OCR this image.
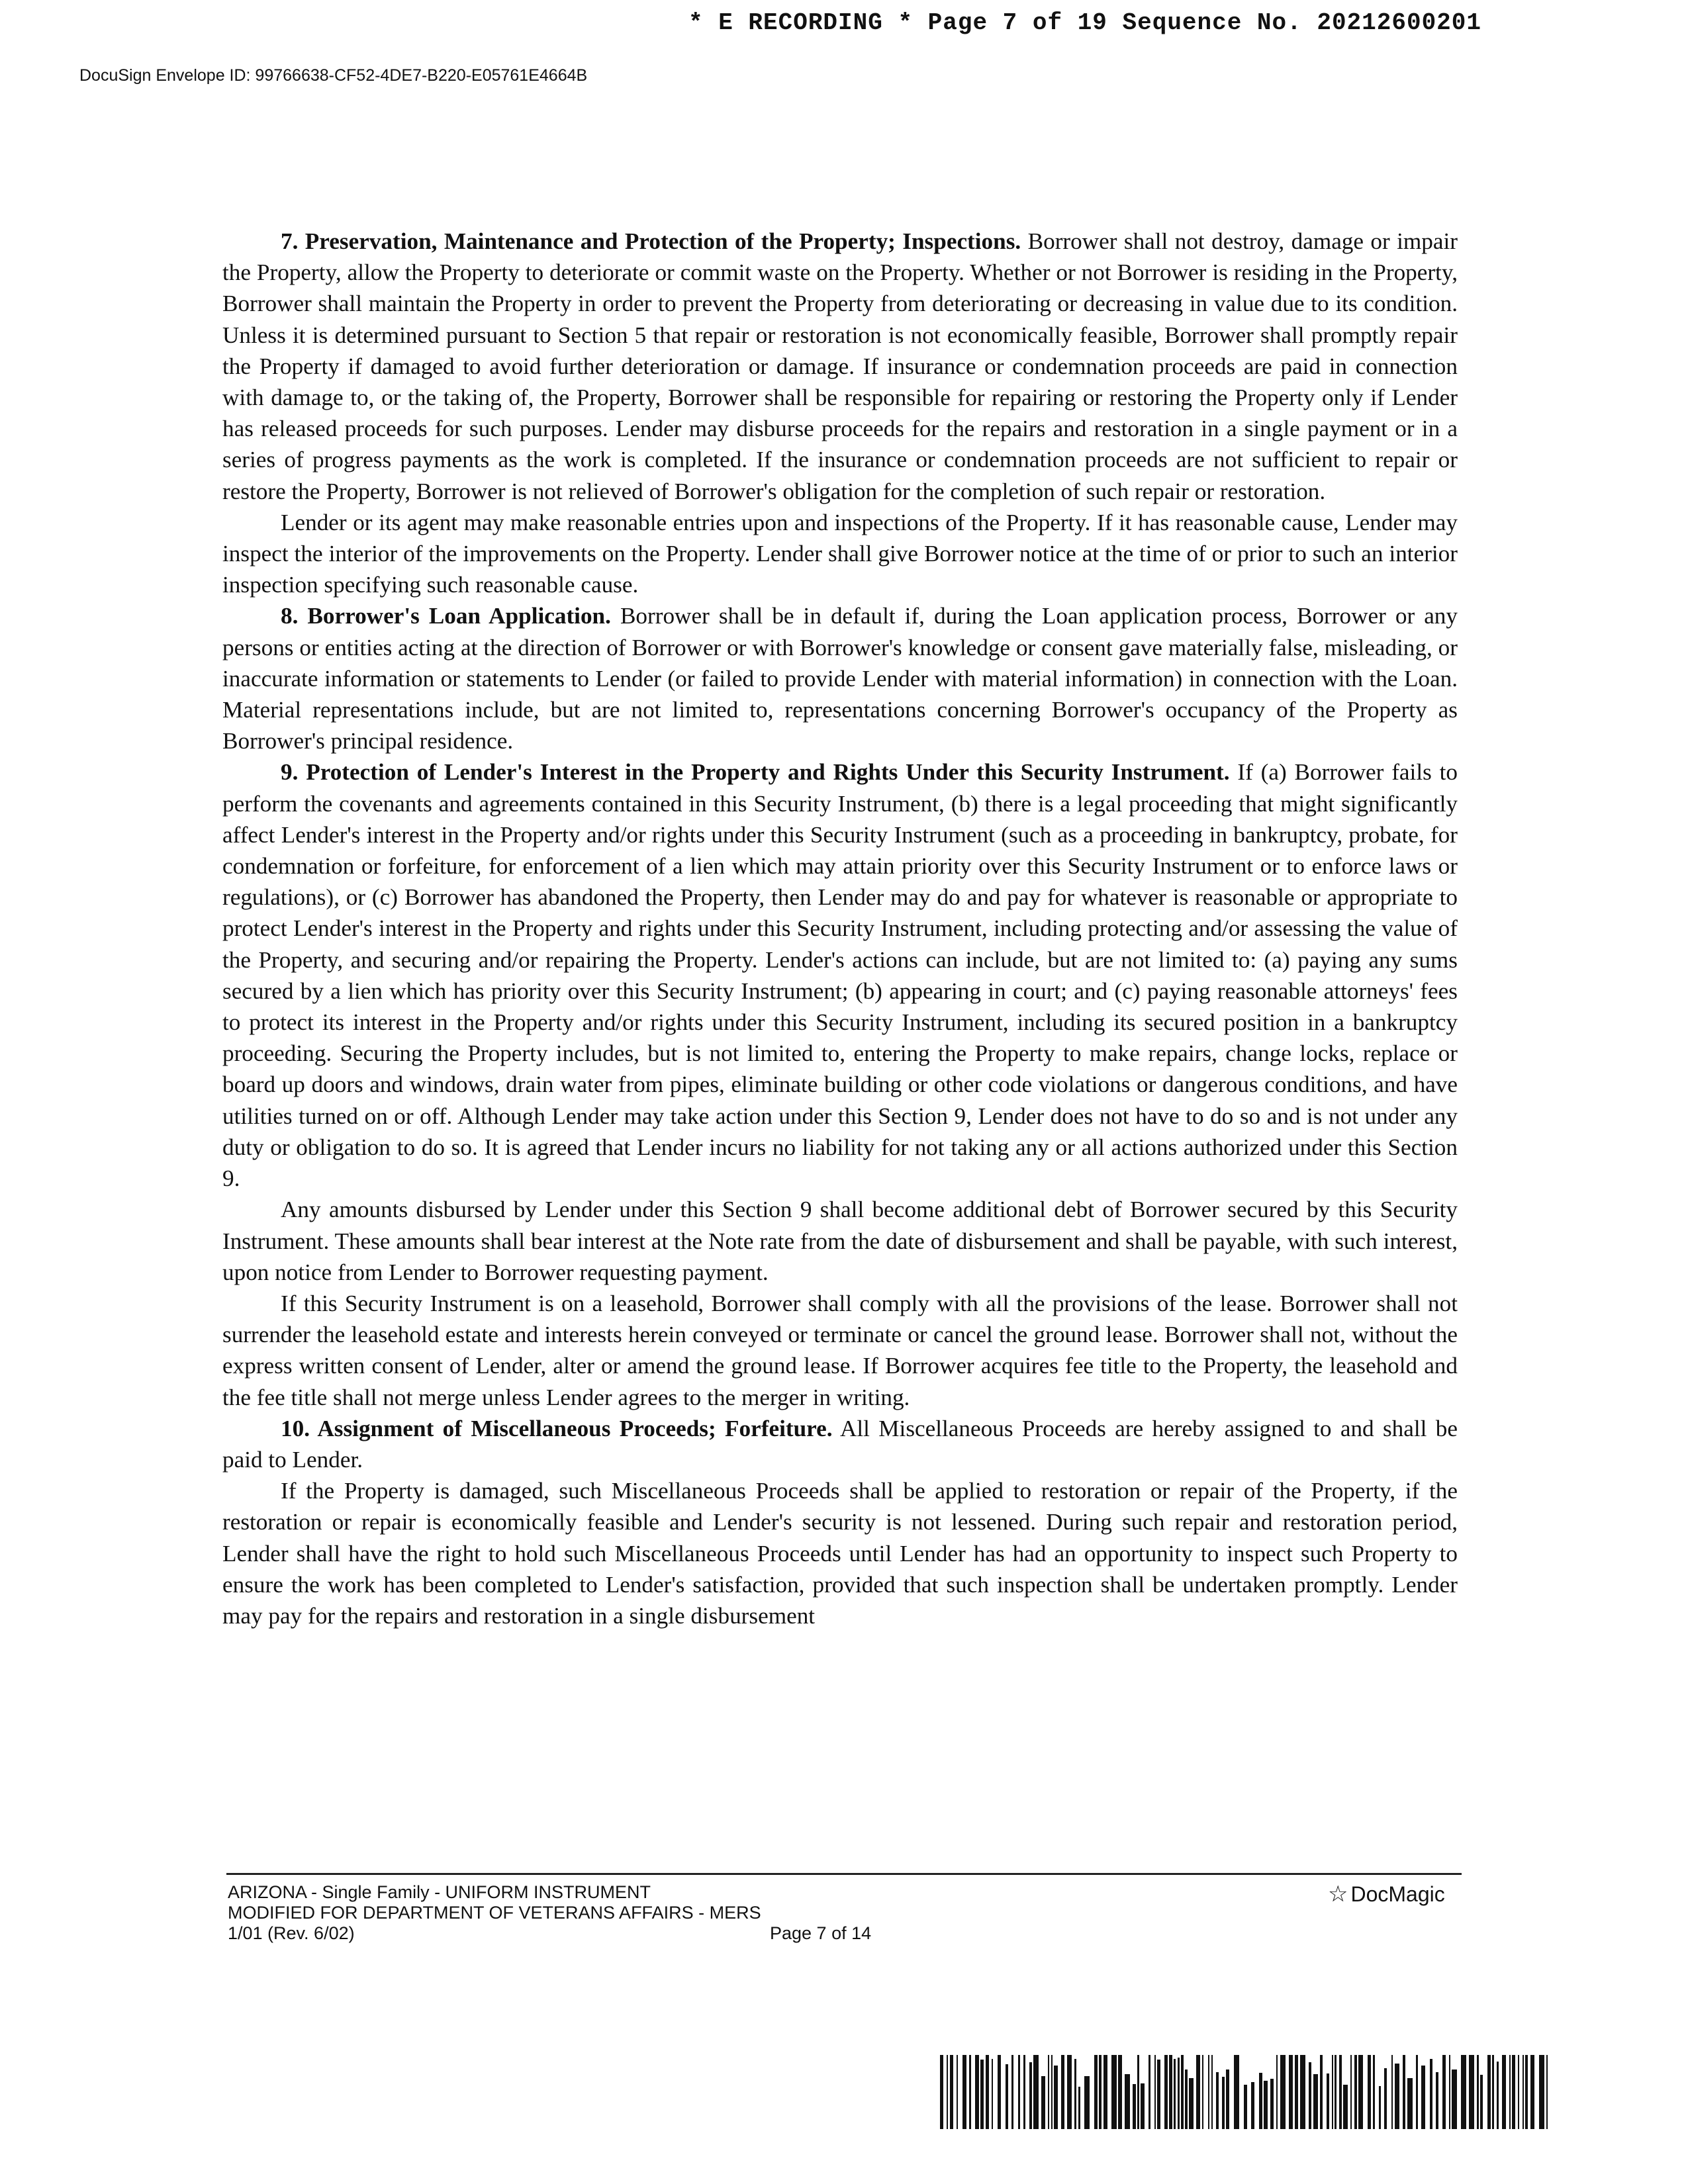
* E RECORDING * Page 7 of 19 Sequence No. 20212600201
DocuSign Envelope ID: 99766638-CF52-4DE7-B220-E05761E4664B

7. Preservation, Maintenance and Protection of the Property; Inspections. Borrower shall not destroy, damage or impair the Property, allow the Property to deteriorate or commit waste on the Property. Whether or not Borrower is residing in the Property, Borrower shall maintain the Property in order to prevent the Property from deteriorating or decreasing in value due to its condition. Unless it is determined pursuant to Section 5 that repair or restoration is not economically feasible, Borrower shall promptly repair the Property if damaged to avoid further deterioration or damage. If insurance or condemnation proceeds are paid in connection with damage to, or the taking of, the Property, Borrower shall be responsible for repairing or restoring the Property only if Lender has released proceeds for such purposes. Lender may disburse proceeds for the repairs and restoration in a single payment or in a series of progress payments as the work is completed. If the insurance or condemnation proceeds are not sufficient to repair or restore the Property, Borrower is not relieved of Borrower's obligation for the completion of such repair or restoration.

Lender or its agent may make reasonable entries upon and inspections of the Property. If it has reasonable cause, Lender may inspect the interior of the improvements on the Property. Lender shall give Borrower notice at the time of or prior to such an interior inspection specifying such reasonable cause.

8. Borrower's Loan Application. Borrower shall be in default if, during the Loan application process, Borrower or any persons or entities acting at the direction of Borrower or with Borrower's knowledge or consent gave materially false, misleading, or inaccurate information or statements to Lender (or failed to provide Lender with material information) in connection with the Loan. Material representations include, but are not limited to, representations concerning Borrower's occupancy of the Property as Borrower's principal residence.

9. Protection of Lender's Interest in the Property and Rights Under this Security Instrument. If (a) Borrower fails to perform the covenants and agreements contained in this Security Instrument, (b) there is a legal proceeding that might significantly affect Lender's interest in the Property and/or rights under this Security Instrument (such as a proceeding in bankruptcy, probate, for condemnation or forfeiture, for enforcement of a lien which may attain priority over this Security Instrument or to enforce laws or regulations), or (c) Borrower has abandoned the Property, then Lender may do and pay for whatever is reasonable or appropriate to protect Lender's interest in the Property and rights under this Security Instrument, including protecting and/or assessing the value of the Property, and securing and/or repairing the Property. Lender's actions can include, but are not limited to: (a) paying any sums secured by a lien which has priority over this Security Instrument; (b) appearing in court; and (c) paying reasonable attorneys' fees to protect its interest in the Property and/or rights under this Security Instrument, including its secured position in a bankruptcy proceeding. Securing the Property includes, but is not limited to, entering the Property to make repairs, change locks, replace or board up doors and windows, drain water from pipes, eliminate building or other code violations or dangerous conditions, and have utilities turned on or off. Although Lender may take action under this Section 9, Lender does not have to do so and is not under any duty or obligation to do so. It is agreed that Lender incurs no liability for not taking any or all actions authorized under this Section 9.

Any amounts disbursed by Lender under this Section 9 shall become additional debt of Borrower secured by this Security Instrument. These amounts shall bear interest at the Note rate from the date of disbursement and shall be payable, with such interest, upon notice from Lender to Borrower requesting payment.

If this Security Instrument is on a leasehold, Borrower shall comply with all the provisions of the lease. Borrower shall not surrender the leasehold estate and interests herein conveyed or terminate or cancel the ground lease. Borrower shall not, without the express written consent of Lender, alter or amend the ground lease. If Borrower acquires fee title to the Property, the leasehold and the fee title shall not merge unless Lender agrees to the merger in writing.

10. Assignment of Miscellaneous Proceeds; Forfeiture. All Miscellaneous Proceeds are hereby assigned to and shall be paid to Lender.

If the Property is damaged, such Miscellaneous Proceeds shall be applied to restoration or repair of the Property, if the restoration or repair is economically feasible and Lender's security is not lessened. During such repair and restoration period, Lender shall have the right to hold such Miscellaneous Proceeds until Lender has had an opportunity to inspect such Property to ensure the work has been completed to Lender's satisfaction, provided that such inspection shall be undertaken promptly. Lender may pay for the repairs and restoration in a single disbursement

ARIZONA - Single Family - UNIFORM INSTRUMENT
MODIFIED FOR DEPARTMENT OF VETERANS AFFAIRS - MERS
1/01 (Rev. 6/02)	Page 7 of 14
☆ DocMagic
